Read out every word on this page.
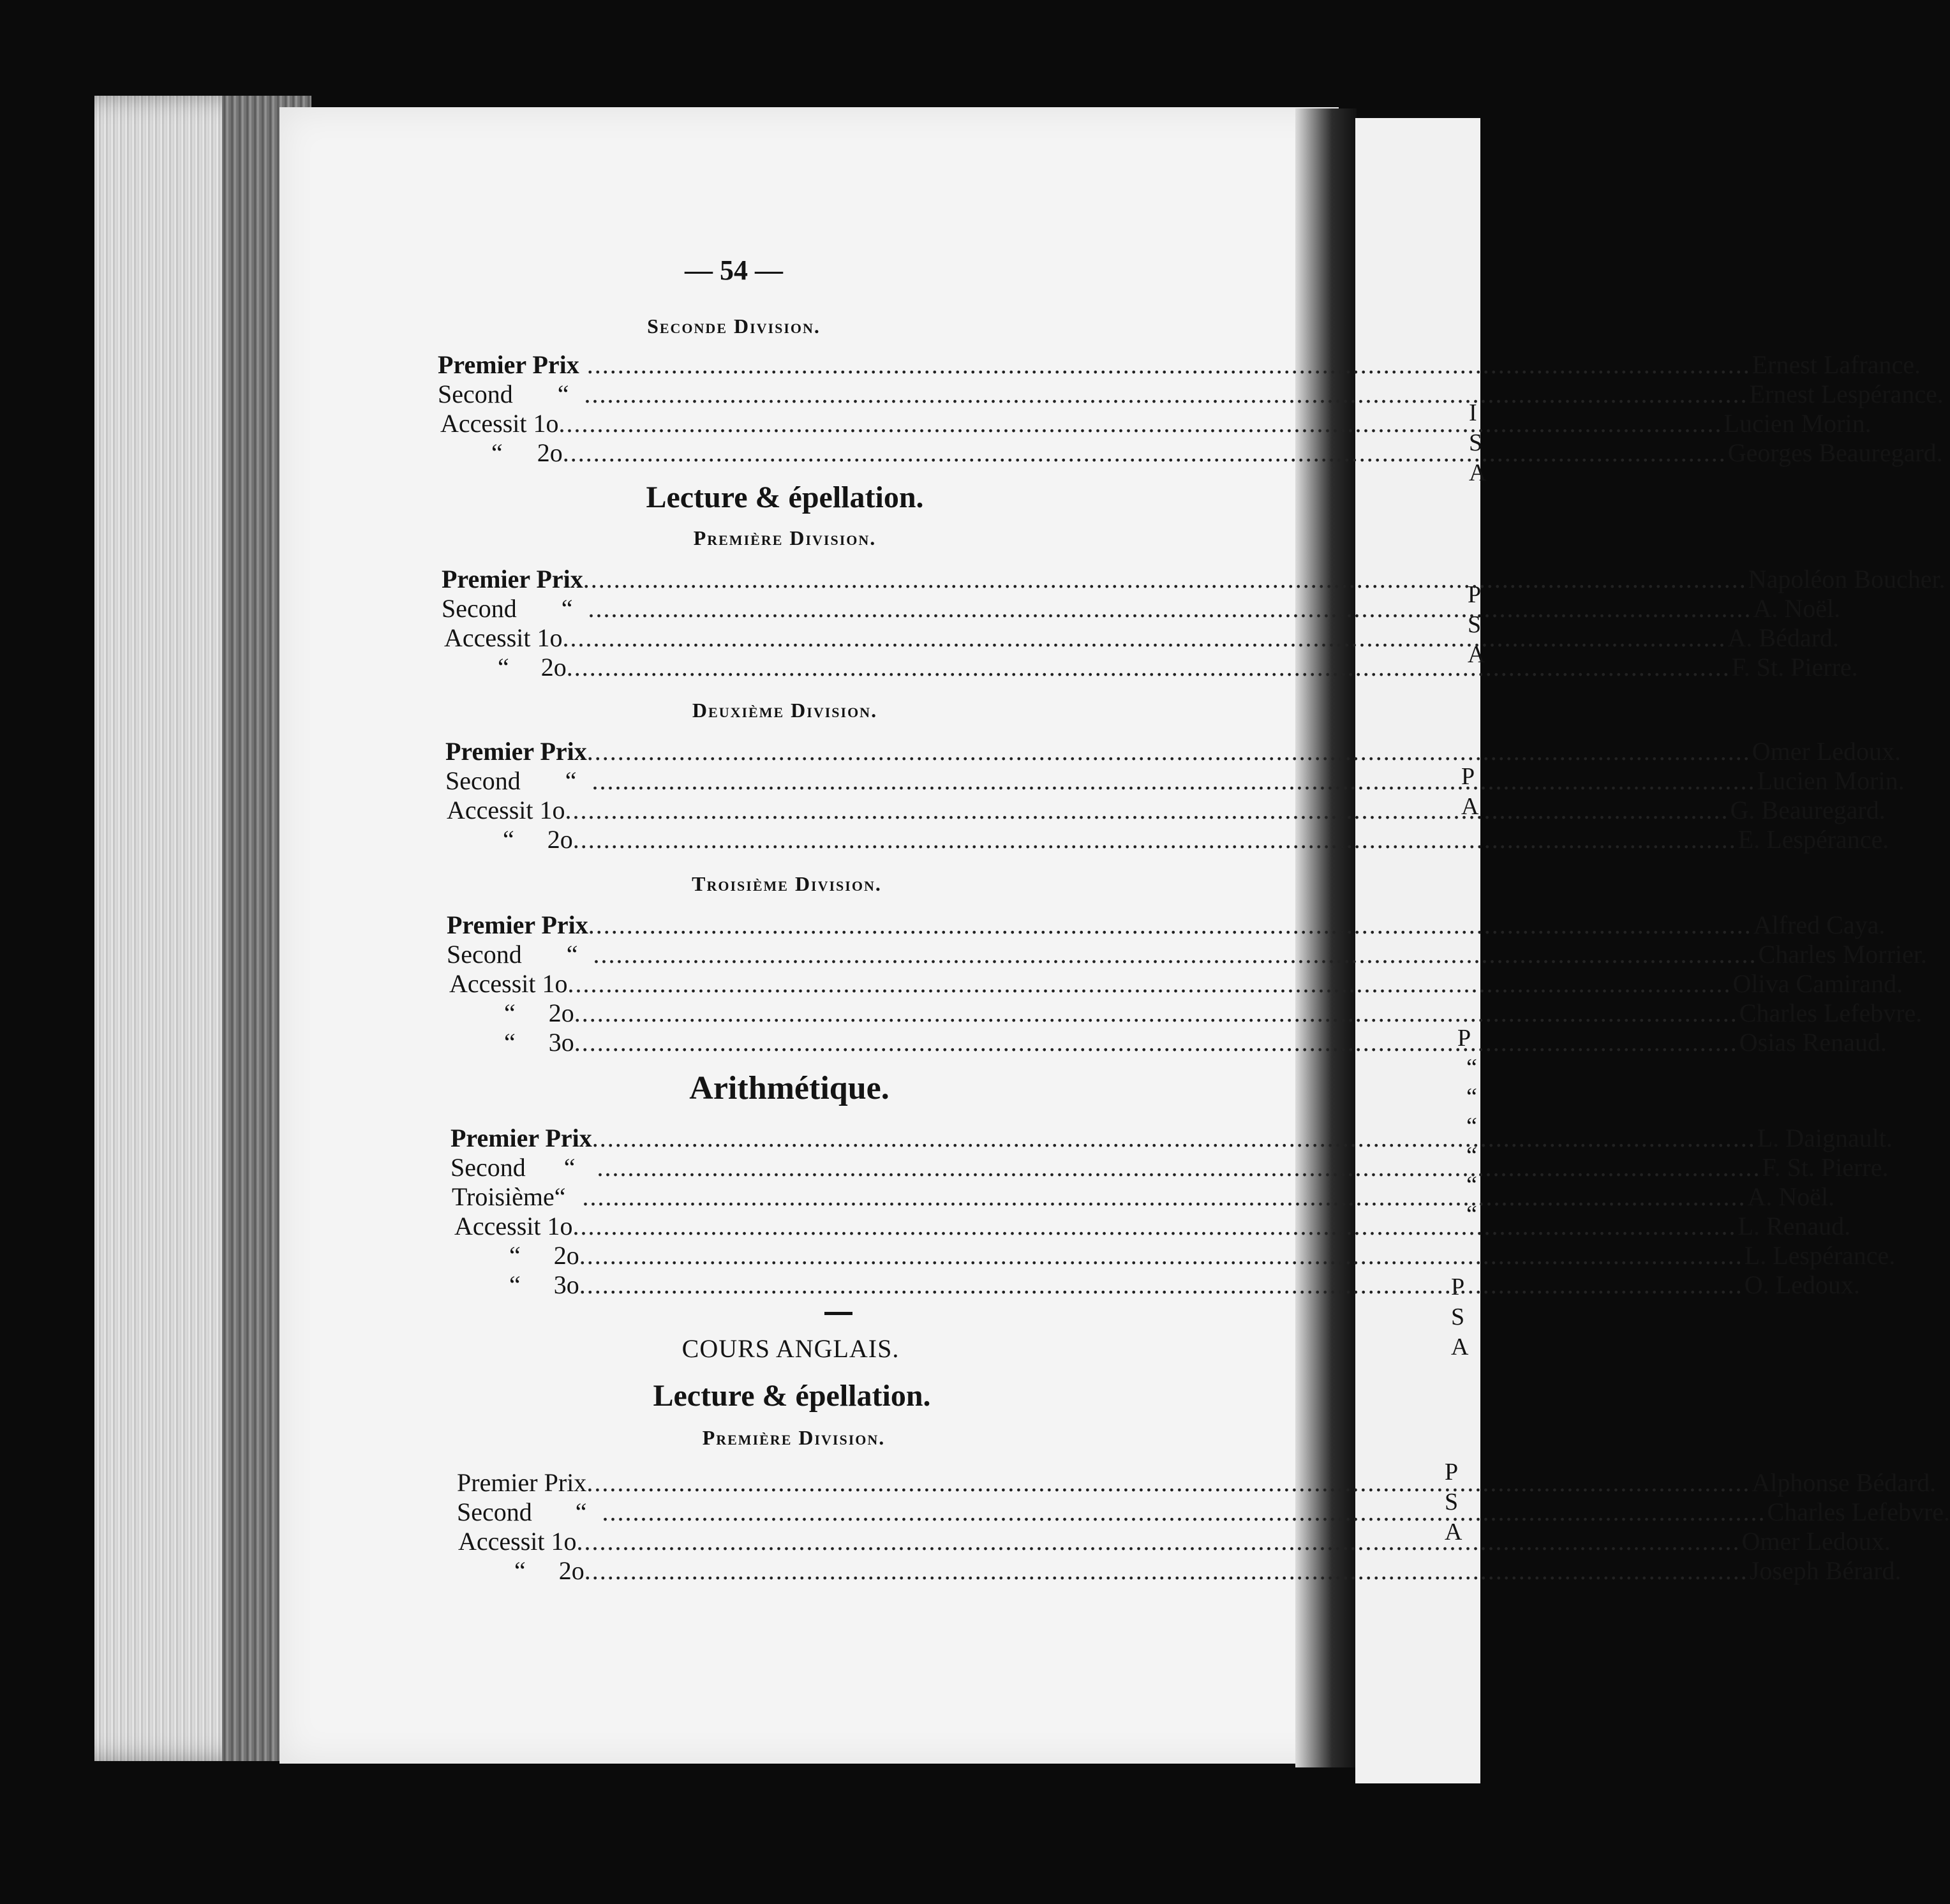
I
S
A
P
S
A
P
A
P
“
“
“
“
“
“
P
S
A
P
S
A
— 54 —
Seconde Division.
Premier Prix .....	Ernest Lafrance.
Second “ .....	Ernest Lespérance.
Accessit 1o .....	Lucien Morin.
“ 2o .....	Georges Beauregard.
Lecture & épellation.
Première Division.
Premier Prix .....	Napoléon Boucher.
Second “ .....	A. Noël.
Accessit 1o .....	A. Bédard.
“ 2o .....	F. St. Pierre.
Deuxième Division.
Premier Prix .....	Omer Ledoux.
Second “ .....	Lucien Morin.
Accessit 1o .....	G. Beauregard.
“ 2o .....	E. Lespérance.
Troisième Division.
Premier Prix .....	Alfred Caya.
Second “ .....	Charles Morrier.
Accessit 1o .....	Oliva Camirand.
“ 2o .....	Charles Lefebvre.
“ 3o .....	Osias Renaud.
Arithmétique.
Premier Prix .....	L. Daignault.
Second “ .....	F. St. Pierre.
Troisième “ .....	A. Noël.
Accessit 1o .....	L. Renaud.
“ 2o .....	L. Lespérance.
“ 3o .....	O. Ledoux.
COURS ANGLAIS.
Lecture & épellation.
Première Division.
Premier Prix .....	Alphonse Bédard.
Second “ .....	Charles Lefebvre.
Accessit 1o .....	Omer Ledoux.
“ 2o .....	Joseph Bérard.
